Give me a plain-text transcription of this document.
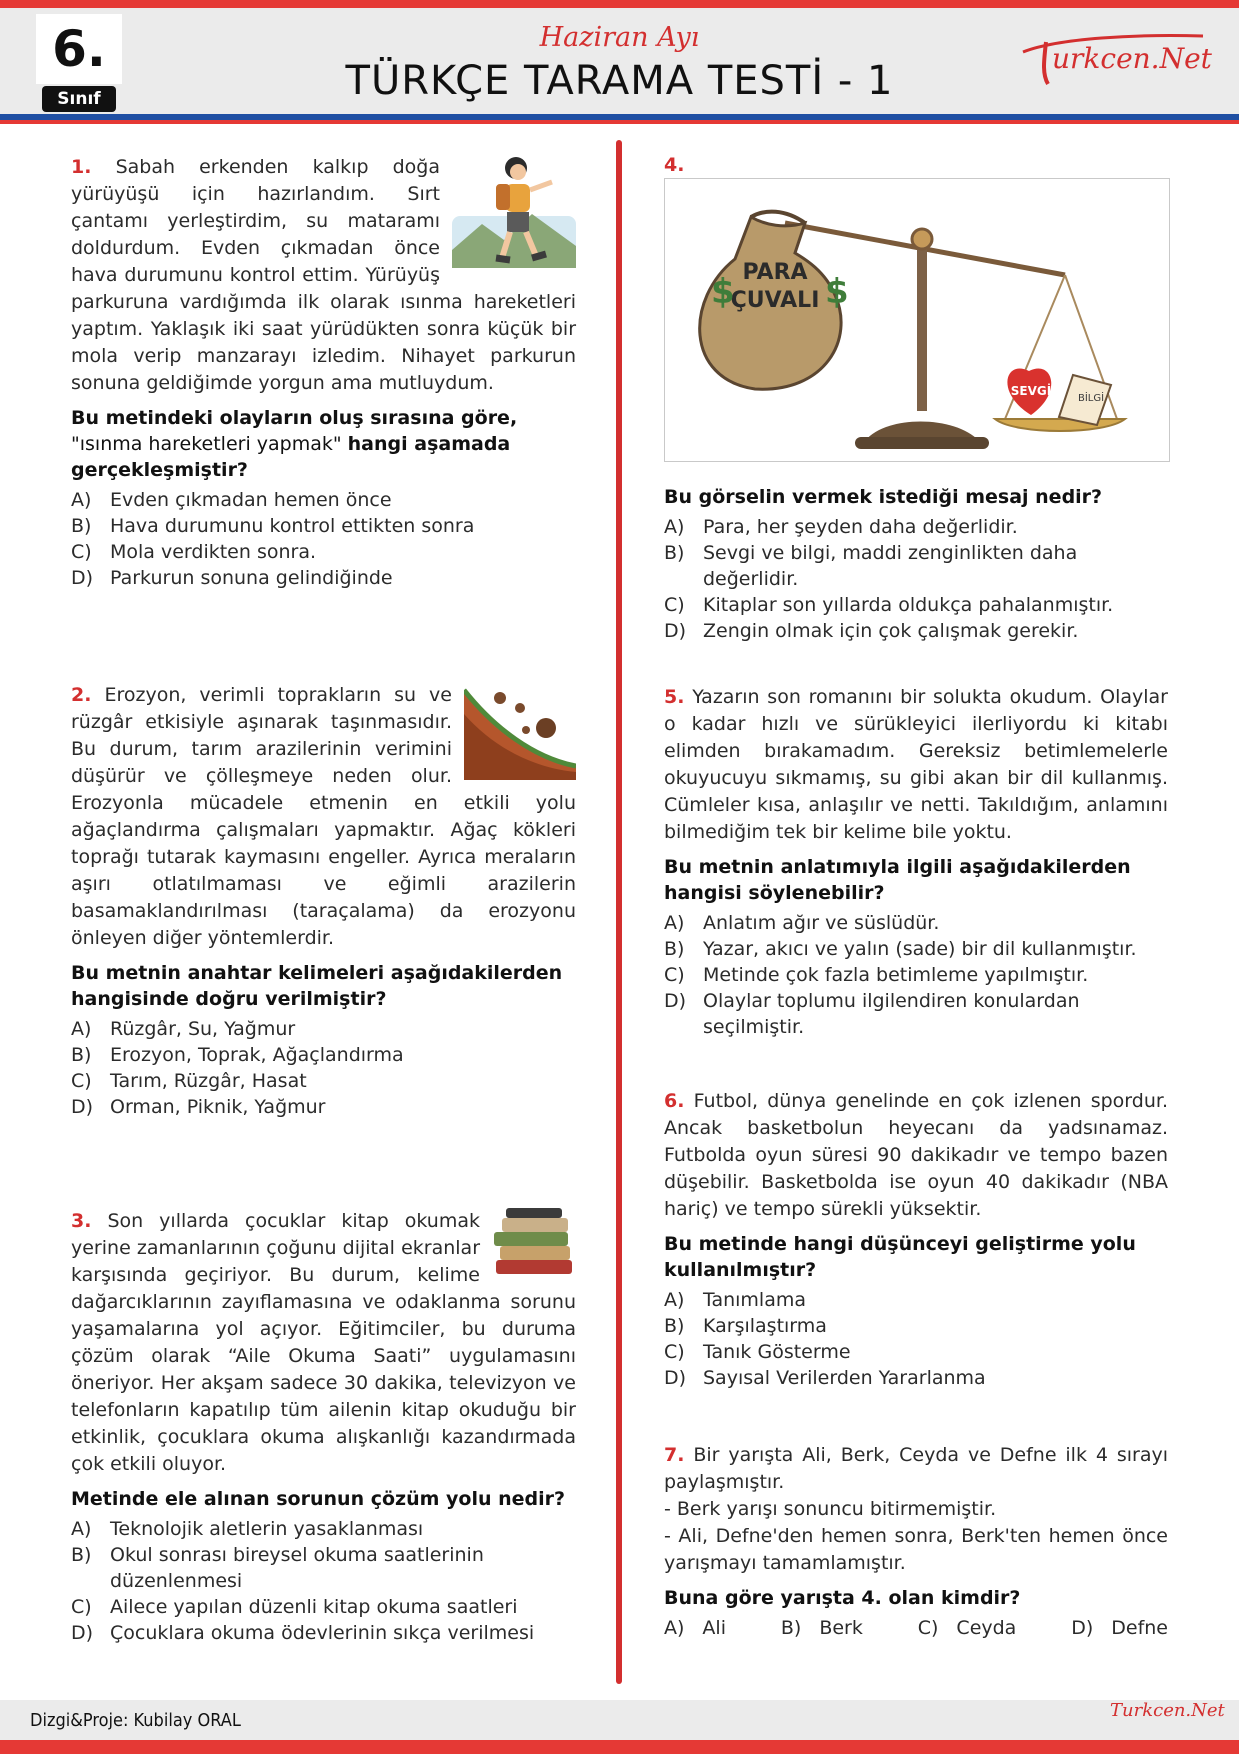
6.
Sınıf
Haziran Ayı
TÜRKÇE TARAMA TESTİ - 1	urkcen.Net

1. Sabah erkenden kalkıp doğa yürüyüşü için hazırlandım. Sırt çantamı yerleştirdim, su mataramı doldurdum. Evden çıkmadan önce hava durumunu kontrol ettim. Yürüyüş parkuruna vardığımda ilk olarak ısınma hareketleri yaptım. Yaklaşık iki saat yürüdükten sonra küçük bir mola verip manzarayı izledim. Nihayet parkurun sonuna geldiğimde yorgun ama mutluydum.

Bu metindeki olayların oluş sırasına göre, "ısınma hareketleri yapmak" hangi aşamada gerçekleşmiştir?
A) Evden çıkmadan hemen önce
B) Hava durumunu kontrol ettikten sonra
C) Mola verdikten sonra.
D) Parkurun sonuna gelindiğinde

2. Erozyon, verimli toprakların su ve rüzgâr etkisiyle aşınarak taşınmasıdır. Bu durum, tarım arazilerinin verimini düşürür ve çölleşmeye neden olur. Erozyonla mücadele etmenin en etkili yolu ağaçlandırma çalışmaları yapmaktır. Ağaç kökleri toprağı tutarak kaymasını engeller. Ayrıca meraların aşırı otlatılmaması ve eğimli arazilerin basamaklandırılması (taraçalama) da erozyonu önleyen diğer yöntemlerdir.

Bu metnin anahtar kelimeleri aşağıdakilerden hangisinde doğru verilmiştir?
A) Rüzgâr, Su, Yağmur
B) Erozyon, Toprak, Ağaçlandırma
C) Tarım, Rüzgâr, Hasat
D) Orman, Piknik, Yağmur

3. Son yıllarda çocuklar kitap okumak yerine zamanlarının çoğunu dijital ekranlar karşısında geçiriyor. Bu durum, kelime dağarcıklarının zayıflamasına ve odaklanma sorunu yaşamalarına yol açıyor. Eğitimciler, bu duruma çözüm olarak “Aile Okuma Saati” uygulamasını öneriyor. Her akşam sadece 30 dakika, televizyon ve telefonların kapatılıp tüm ailenin kitap okuduğu bir etkinlik, çocuklara okuma alışkanlığı kazandırmada çok etkili oluyor.

Metinde ele alınan sorunun çözüm yolu nedir?
A) Teknolojik aletlerin yasaklanması
B) Okul sonrası bireysel okuma saatlerinin düzenlenmesi
C) Ailece yapılan düzenli kitap okuma saatleri
D) Çocuklara okuma ödevlerinin sıkça verilmesi
4.
SEVGİ
BİLGİ
PARA
ÇUVALI
$	$
Bu görselin vermek istediği mesaj nedir?
A) Para, her şeyden daha değerlidir.
B) Sevgi ve bilgi, maddi zenginlikten daha değerlidir.
C) Kitaplar son yıllarda oldukça pahalanmıştır.
D) Zengin olmak için çok çalışmak gerekir.

5. Yazarın son romanını bir solukta okudum. Olaylar o kadar hızlı ve sürükleyici ilerliyordu ki kitabı elimden bırakamadım. Gereksiz betimlemelerle okuyucuyu sıkmamış, su gibi akan bir dil kullanmış. Cümleler kısa, anlaşılır ve netti. Takıldığım, anlamını bilmediğim tek bir kelime bile yoktu.

Bu metnin anlatımıyla ilgili aşağıdakilerden hangisi söylenebilir?
A) Anlatım ağır ve süslüdür.
B) Yazar, akıcı ve yalın (sade) bir dil kullanmıştır.
C) Metinde çok fazla betimleme yapılmıştır.
D) Olaylar toplumu ilgilendiren konulardan seçilmiştir.

6. Futbol, dünya genelinde en çok izlenen spordur. Ancak basketbolun heyecanı da yadsınamaz. Futbolda oyun süresi 90 dakikadır ve tempo bazen düşebilir. Basketbolda ise oyun 40 dakikadır (NBA hariç) ve tempo sürekli yüksektir.

Bu metinde hangi düşünceyi geliştirme yolu kullanılmıştır?
A) Tanımlama
B) Karşılaştırma
C) Tanık Gösterme
D) Sayısal Verilerden Yararlanma

7. Bir yarışta Ali, Berk, Ceyda ve Defne ilk 4 sırayı paylaşmıştır.

- Berk yarışı sonuncu bitirmemiştir.

- Ali, Defne'den hemen sonra, Berk'ten hemen önce yarışmayı tamamlamıştır.

Buna göre yarışta 4. olan kimdir?
A) Ali	B) Berk	C) Ceyda	D) Defne
Dizgi&Proje: Kubilay ORAL	Turkcen.Net
